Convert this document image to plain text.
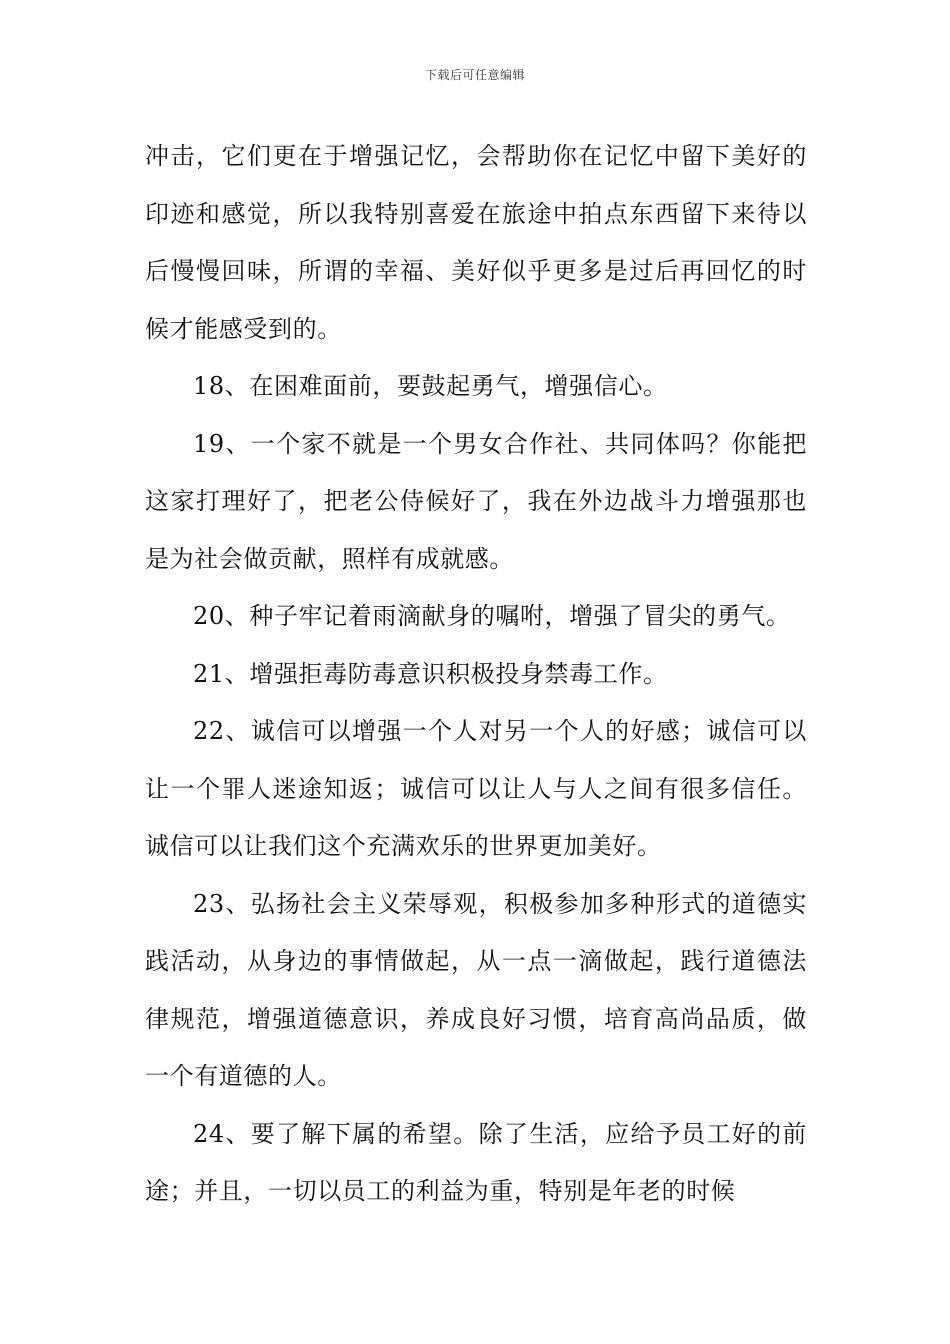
下载后可任意编辑

冲击，它们更在于增强记忆，会帮助你在记忆中留下美好的印迹和感觉，所以我特别喜爱在旅途中拍点东西留下来待以后慢慢回味，所谓的幸福、美好似乎更多是过后再回忆的时候才能感受到的。

18、在困难面前，要鼓起勇气，增强信心。

19、一个家不就是一个男女合作社、共同体吗？你能把这家打理好了，把老公侍候好了，我在外边战斗力增强那也是为社会做贡献，照样有成就感。

20、种子牢记着雨滴献身的嘱咐，增强了冒尖的勇气。

21、增强拒毒防毒意识积极投身禁毒工作。

22、诚信可以增强一个人对另一个人的好感；诚信可以让一个罪人迷途知返；诚信可以让人与人之间有很多信任。诚信可以让我们这个充满欢乐的世界更加美好。

23、弘扬社会主义荣辱观，积极参加多种形式的道德实践活动，从身边的事情做起，从一点一滴做起，践行道德法律规范，增强道德意识，养成良好习惯，培育高尚品质，做一个有道德的人。

24、要了解下属的希望。除了生活，应给予员工好的前途；并且，一切以员工的利益为重，特别是年老的时候
